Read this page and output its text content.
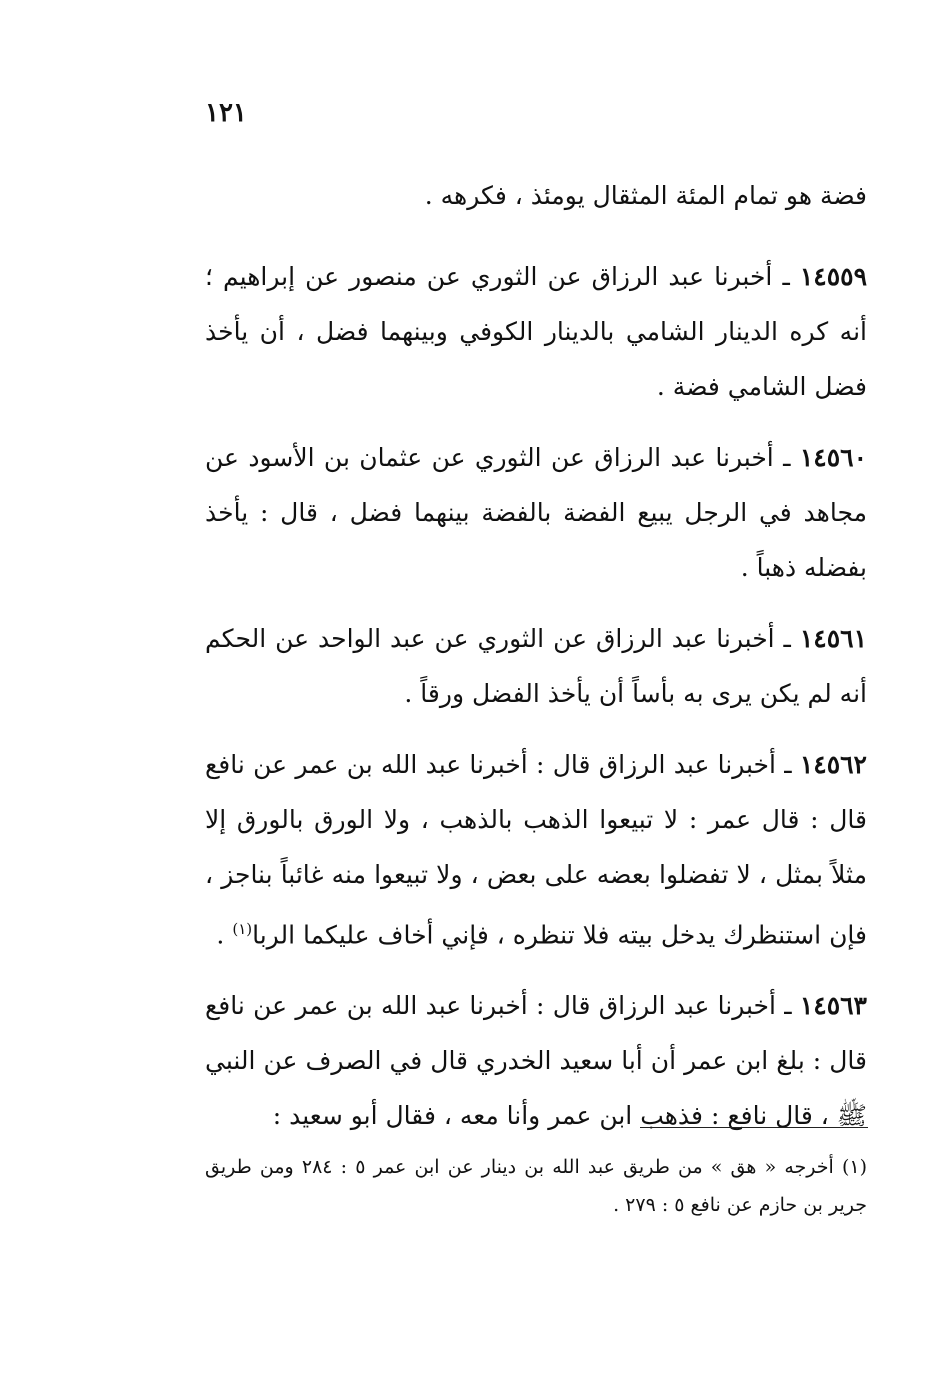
١٢١

فضة هو تمام المئة المثقال يومئذ ، فكرهه .

١٤٥٥٩ ـ أخبرنا عبد الرزاق عن الثوري عن منصور عن إبراهيم ؛ أنه كره الدينار الشامي بالدينار الكوفي وبينهما فضل ، أن يأخذ فضل الشامي فضة .

١٤٥٦٠ ـ أخبرنا عبد الرزاق عن الثوري عن عثمان بن الأسود عن مجاهد في الرجل يبيع الفضة بالفضة بينهما فضل ، قال : يأخذ بفضله ذهباً .

١٤٥٦١ ـ أخبرنا عبد الرزاق عن الثوري عن عبد الواحد عن الحكم أنه لم يكن يرى به بأساً أن يأخذ الفضل ورقاً .

١٤٥٦٢ ـ أخبرنا عبد الرزاق قال : أخبرنا عبد الله بن عمر عن نافع قال : قال عمر : لا تبيعوا الذهب بالذهب ، ولا الورق بالورق إلا مثلاً بمثل ، لا تفضلوا بعضه على بعض ، ولا تبيعوا منه غائباً بناجز ، فإن استنظرك يدخل بيته فلا تنظره ، فإني أخاف عليكما الربا$^{(١)}$ .

١٤٥٦٣ ـ أخبرنا عبد الرزاق قال : أخبرنا عبد الله بن عمر عن نافع قال : بلغ ابن عمر أن أبا سعيد الخدري قال في الصرف عن النبي ﷺ ، قال نافع : فذهب ابن عمر وأنا معه ، فقال أبو سعيد :

(١) أخرجه « هق » من طريق عبد الله بن دينار عن ابن عمر ٥ : ٢٨٤ ومن طريق جرير بن حازم عن نافع ٥ : ٢٧٩ .
